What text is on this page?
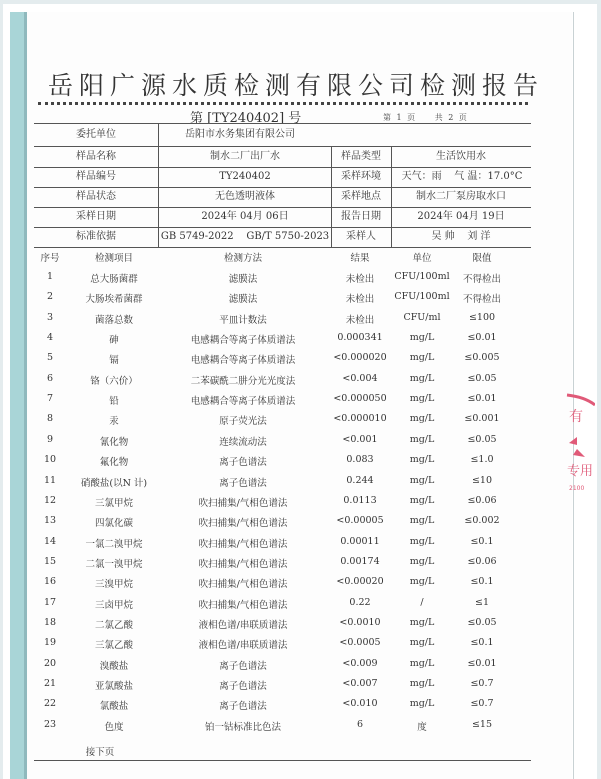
岳阳广源水质检测有限公司检测报告
第 [TY240402] 号	第 1 页 共 2 页
委托单位	岳阳市水务集团有限公司
样品名称	制水二厂出厂水	样品类型	生活饮用水
样品编号	TY240402	采样环境	天气：雨    气 温：17.0°C
样品状态	无色透明液体	采样地点	制水二厂泵房取水口
采样日期	2024年 04月 06日	报告日期	2024年 04月 19日
标准依据	GB 5749-2022    GB/T 5750-2023	采样人	吴 帅    刘 洋
序号	检测项目	检测方法	结果	单位	限值
1	总大肠菌群	滤膜法	未检出	CFU/100ml	不得检出
2	大肠埃希菌群	滤膜法	未检出	CFU/100ml	不得检出
3	菌落总数	平皿计数法	未检出	CFU/ml	≤100
4	砷	电感耦合等离子体质谱法	0.000341	mg/L	≤0.01
5	镉	电感耦合等离子体质谱法	<0.000020	mg/L	≤0.005
6	铬（六价）	二苯碳酰二肼分光光度法	<0.004	mg/L	≤0.05
7	铅	电感耦合等离子体质谱法	<0.000050	mg/L	≤0.01
8	汞	原子荧光法	<0.000010	mg/L	≤0.001
9	氰化物	连续流动法	<0.001	mg/L	≤0.05
10	氟化物	离子色谱法	0.083	mg/L	≤1.0
11	硝酸盐(以N 计)	离子色谱法	0.244	mg/L	≤10
12	三氯甲烷	吹扫捕集/气相色谱法	0.0113	mg/L	≤0.06
13	四氯化碳	吹扫捕集/气相色谱法	<0.00005	mg/L	≤0.002
14	一氯二溴甲烷	吹扫捕集/气相色谱法	0.00011	mg/L	≤0.1
15	二氯一溴甲烷	吹扫捕集/气相色谱法	0.00174	mg/L	≤0.06
16	三溴甲烷	吹扫捕集/气相色谱法	<0.00020	mg/L	≤0.1
17	三卤甲烷	吹扫捕集/气相色谱法	0.22	/	≤1
18	二氯乙酸	液相色谱/串联质谱法	<0.0010	mg/L	≤0.05
19	三氯乙酸	液相色谱/串联质谱法	<0.0005	mg/L	≤0.1
20	溴酸盐	离子色谱法	<0.009	mg/L	≤0.01
21	亚氯酸盐	离子色谱法	<0.007	mg/L	≤0.7
22	氯酸盐	离子色谱法	<0.010	mg/L	≤0.7
23	色度	铂一钴标准比色法	6	度	≤15
接下页
有
专用
2100
